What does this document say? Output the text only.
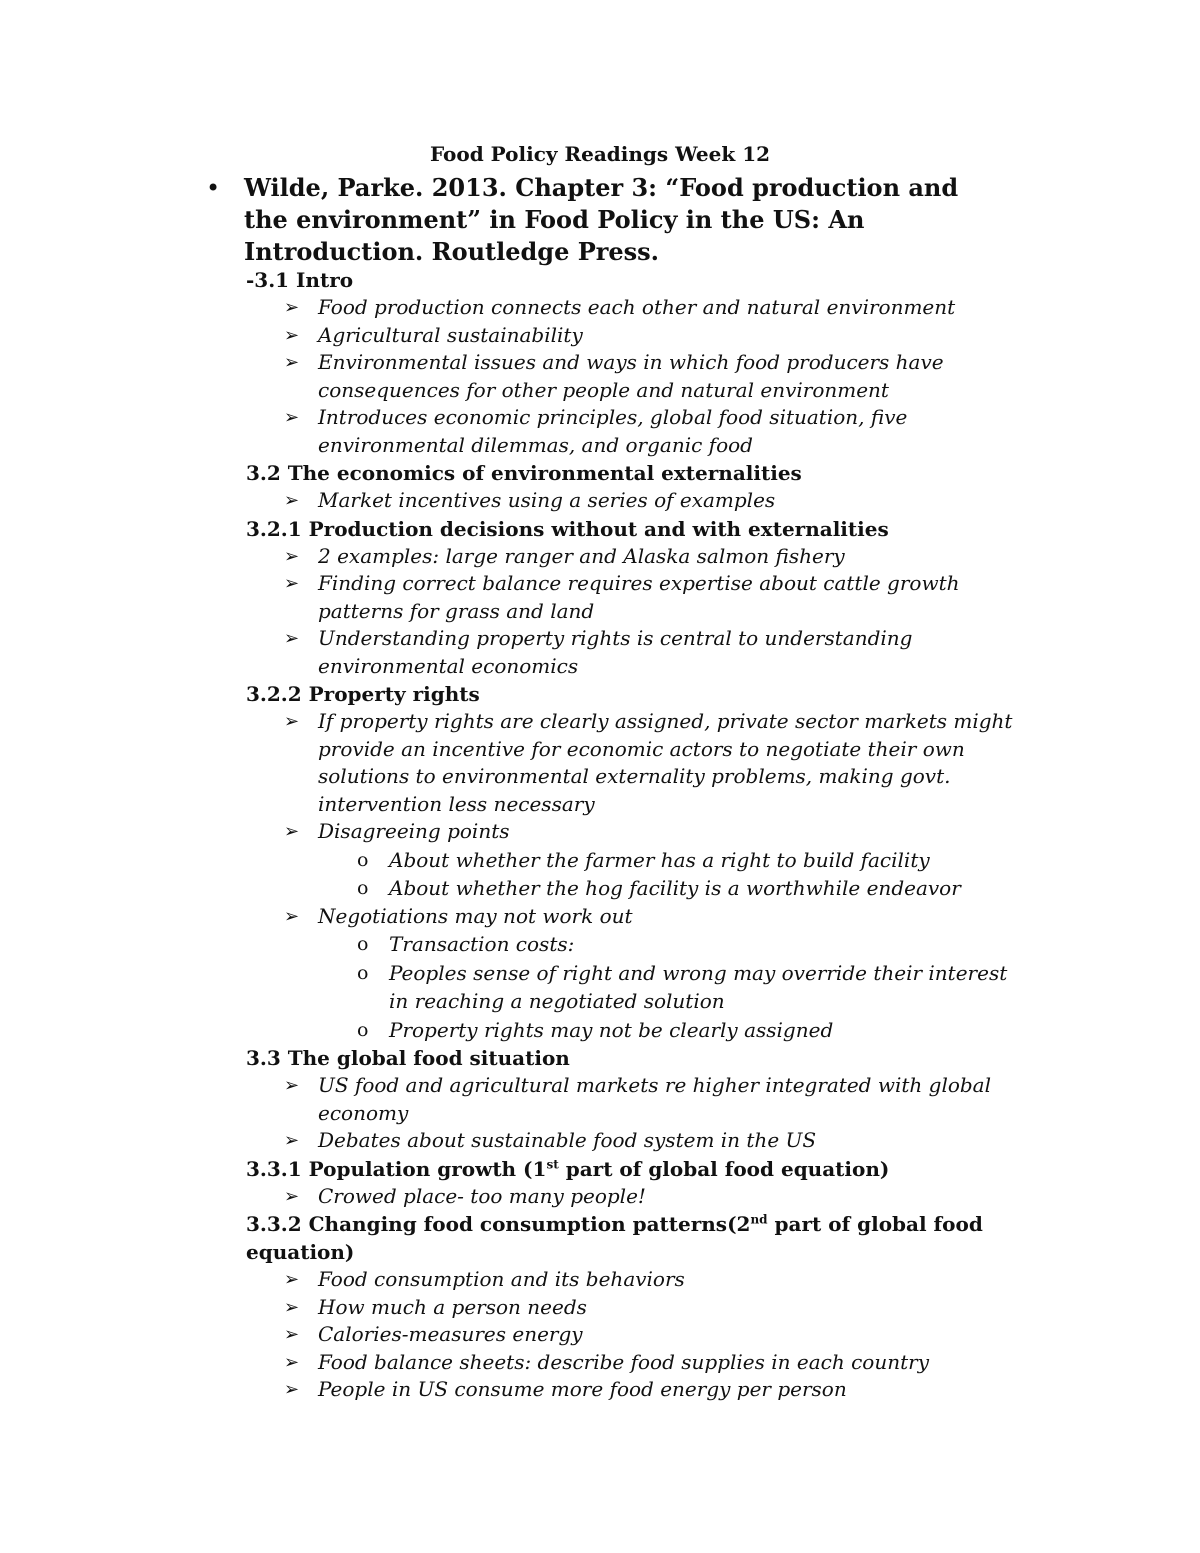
Food Policy Readings Week 12
• Wilde, Parke. 2013. Chapter 3: “Food production and the environment” in Food Policy in the US: An Introduction. Routledge Press.
-3.1 Intro
➢ Food production connects each other and natural environment
➢ Agricultural sustainability
➢ Environmental issues and ways in which food producers have consequences for other people and natural environment
➢ Introduces economic principles, global food situation, five environmental dilemmas, and organic food
3.2 The economics of environmental externalities
➢ Market incentives using a series of examples
3.2.1 Production decisions without and with externalities
➢ 2 examples: large ranger and Alaska salmon fishery
➢ Finding correct balance requires expertise about cattle growth patterns for grass and land
➢ Understanding property rights is central to understanding environmental economics
3.2.2 Property rights
➢ If property rights are clearly assigned, private sector markets might provide an incentive for economic actors to negotiate their own solutions to environmental externality problems, making govt. intervention less necessary
➢ Disagreeing points
o About whether the farmer has a right to build facility
o About whether the hog facility is a worthwhile endeavor
➢ Negotiations may not work out
o Transaction costs:
o Peoples sense of right and wrong may override their interest in reaching a negotiated solution
o Property rights may not be clearly assigned
3.3 The global food situation
➢ US food and agricultural markets re higher integrated with global economy
➢ Debates about sustainable food system in the US
3.3.1 Population growth (1st part of global food equation)
➢ Crowed place- too many people!
3.3.2 Changing food consumption patterns(2nd part of global food equation)
➢ Food consumption and its behaviors
➢ How much a person needs
➢ Calories-measures energy
➢ Food balance sheets: describe food supplies in each country
➢ People in US consume more food energy per person
